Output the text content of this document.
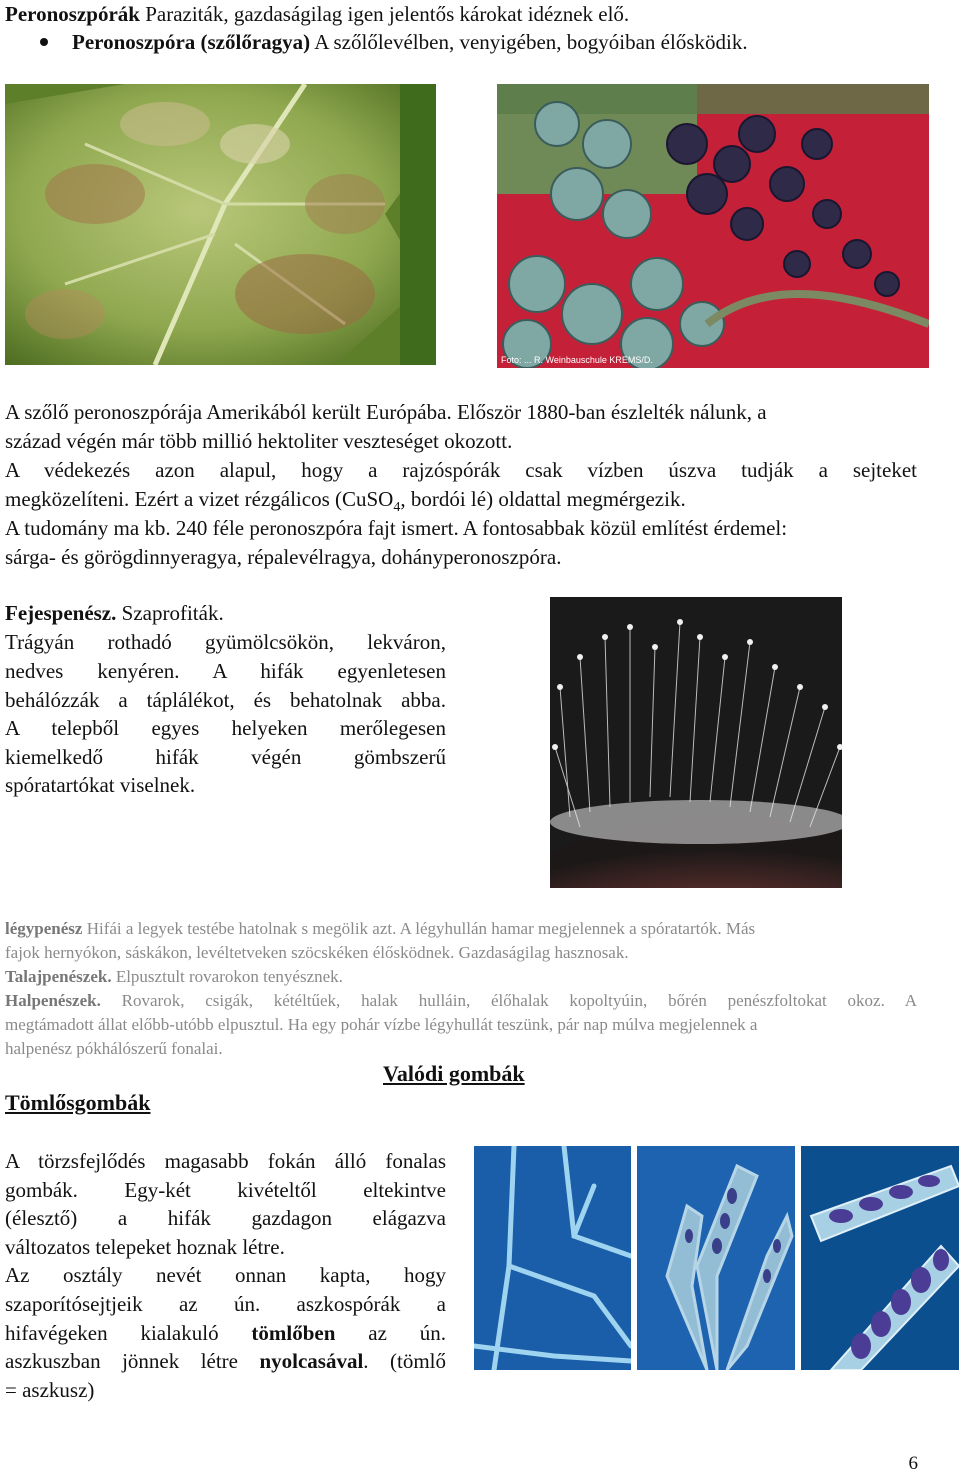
Peronoszpórák Paraziták, gazdaságilag igen jelentős károkat idéznek elő.
Peronoszpóra (szőlőragya) A szőlőlevélben, venyigében, bogyóiban élősködik.
Foto: ... R. Weinbauschule KREMS/D.
A szőlő peronoszpórája Amerikából került Európába. Először 1880-ban észlelték nálunk, a
század végén már több millió hektoliter veszteséget okozott.
A védekezés azon alapul, hogy a rajzóspórák csak vízben úszva tudják a sejteket
megközelíteni. Ezért a vizet rézgálicos (CuSO$_4$, bordói lé) oldattal megmérgezik.
A tudomány ma kb. 240 féle peronoszpóra fajt ismert. A fontosabbak közül említést érdemel:
sárga- és görögdinnyeragya, répalevélragya, dohányperonoszpóra.
Fejespenész. Szaprofiták.
Trágyán rothadó gyümölcsökön, lekváron,
nedves kenyéren. A hifák egyenletesen
behálózzák a táplálékot, és behatolnak abba.
A telepből egyes helyeken merőlegesen
kiemelkedő hifák végén gömbszerű
spóratartókat viselnek.
légypenész Hifái a legyek testébe hatolnak s megölik azt. A légyhullán hamar megjelennek a spóratartók. Más
fajok hernyókon, sáskákon, levéltetveken szöcskéken élősködnek. Gazdaságilag hasznosak.
Talajpenészek. Elpusztult rovarokon tenyésznek.
Halpenészek. Rovarok, csigák, kétéltűek, halak hulláin, élőhalak kopoltyúin, bőrén penészfoltokat okoz. A
megtámadott állat előbb-utóbb elpusztul. Ha egy pohár vízbe légyhullát teszünk, pár nap múlva megjelennek a
halpenész pókhálószerű fonalai.
Valódi gombák
Tömlősgombák
A törzsfejlődés magasabb fokán álló fonalas
gombák. Egy-két kivételtől eltekintve
(élesztő) a hifák gazdagon elágazva
változatos telepeket hoznak létre.
Az osztály nevét onnan kapta, hogy
szaporítósejtjeik az ún. aszkospórák a
hifavégeken kialakuló tömlőben az ún.
aszkuszban jönnek létre nyolcasával. (tömlő
= aszkusz)
6
